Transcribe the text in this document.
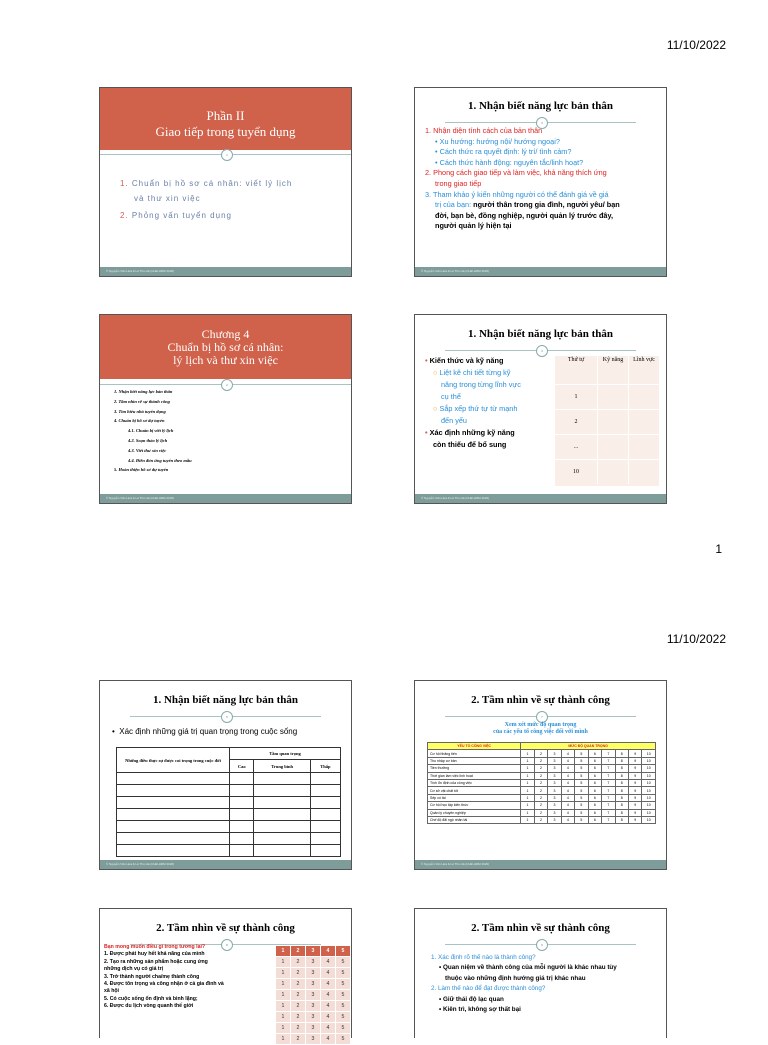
11/10/2022
1
11/10/2022
Phần II
Giao tiếp trong tuyển dụng
1
1. Chuẩn bị hồ sơ cá nhân: viết lý lịch
và thư xin việc
2. Phỏng vấn tuyển dụng
© Nguyễn Văn Hoà & Lê Thu Hà (CHĐ-HRM 2020)
1. Nhận biết năng lực bản thân
3
1. Nhận diện tính cách của bản thân
• Xu hướng: hướng nội/ hướng ngoại?
• Cách thức ra quyết định: lý trí/ tình cảm?
• Cách thức hành động: nguyên tắc/linh hoạt?
2. Phong cách giao tiếp và làm việc, khả năng thích ứng
trong giao tiếp
3. Tham khảo ý kiến những người có thể đánh giá về giá
trị của bạn: người thân trong gia đình, người yêu/ bạn
đời, bạn bè, đồng nghiệp, người quản lý trước đây,
người quản lý hiện tại
© Nguyễn Văn Hoà & Lê Thu Hà (CHĐ-HRM 2020)
Chương 4
Chuẩn bị hồ sơ cá nhân:
lý lịch và thư xin việc
2
1. Nhận biết năng lực bản thân
2. Tầm nhìn về sự thành công
3. Tìm hiểu nhà tuyển dụng
4. Chuẩn bị hồ sơ dự tuyển
4.1. Chuẩn bị viết lý lịch
4.2. Soạn thảo lý lịch
4.3. Viết thư xin việc
4.4. Điền đơn ứng tuyển theo mẫu
5. Hoàn thiện hồ sơ dự tuyển
© Nguyễn Văn Hoà & Lê Thu Hà (CHĐ-HRM 2020)
1. Nhận biết năng lực bản thân
4
• Kiến thức và kỹ năng
○ Liệt kê chi tiết từng kỹ
năng trong từng lĩnh vực
cụ thể
○ Sắp xếp thứ tự từ mạnh
đến yếu
• Xác định những kỹ năng
còn thiếu để bổ sung
Thứ tự	Kỹ năng	Lĩnh vực
1		
2		
...		
10		
© Nguyễn Văn Hoà & Lê Thu Hà (CHĐ-HRM 2020)
1. Nhận biết năng lực bản thân
5
•  Xác định những giá trị quan trọng trong cuộc sống
Những điều thực sự được coi trọng trong cuộc đời	Tầm quan trọng		
	Cao	Trung bình	Thấp

© Nguyễn Văn Hoà & Lê Thu Hà (CHĐ-HRM 2020)
2. Tầm nhìn về sự thành công
7
Xem xét mức độ quan trọng
của các yếu tố công việc đối với mình
YẾU TỐ CÔNG VIỆC	MỨC ĐỘ QUAN TRỌNG									
Cơ hội thăng tiến	1	2	3	4	5	6	7	8	9	10
Thu nhập cơ bản	1	2	3	4	5	6	7	8	9	10
Tiền thưởng	1	2	3	4	5	6	7	8	9	10
Thời gian làm việc linh hoạt	1	2	3	4	5	6	7	8	9	10
Tính ổn định của công việc	1	2	3	4	5	6	7	8	9	10
Cơ sở vật chất tốt	1	2	3	4	5	6	7	8	9	10
Sếp có tài	1	2	3	4	5	6	7	8	9	10
Cơ hội học tập kiến thức	1	2	3	4	5	6	7	8	9	10
Quản lý chuyên nghiệp	1	2	3	4	5	6	7	8	9	10
Chế độ đãi ngộ nhân tài	1	2	3	4	5	6	7	8	9	10
© Nguyễn Văn Hoà & Lê Thu Hà (CHĐ-HRM 2020)
2. Tầm nhìn về sự thành công
8
Bạn mong muốn điều gì trong tương lai?
1. Được phát huy hết khả năng của mình
2. Tạo ra những sản phẩm hoặc cung ứng
những dịch vụ có giá trị
3. Trở thành người cha/mẹ thành công
4. Được tôn trọng và công nhận ở cả gia đình và
xã hội
5. Có cuộc sống ổn định và bình lặng;
6. Được du lịch vòng quanh thế giới
1	2	3	4	5
1	2	3	4	5
1	2	3	4	5
1	2	3	4	5
1	2	3	4	5
1	2	3	4	5
1	2	3	4	5
1	2	3	4	5
1	2	3	4	5
2. Tầm nhìn về sự thành công
9
1. Xác định rõ thế nào là thành công?
• Quan niệm về thành công của mỗi người là khác nhau tùy
thuộc vào những định hướng giá trị khác nhau
2. Làm thế nào để đạt được thành công?
• Giữ thái độ lạc quan
• Kiên trì, không sợ thất bại
